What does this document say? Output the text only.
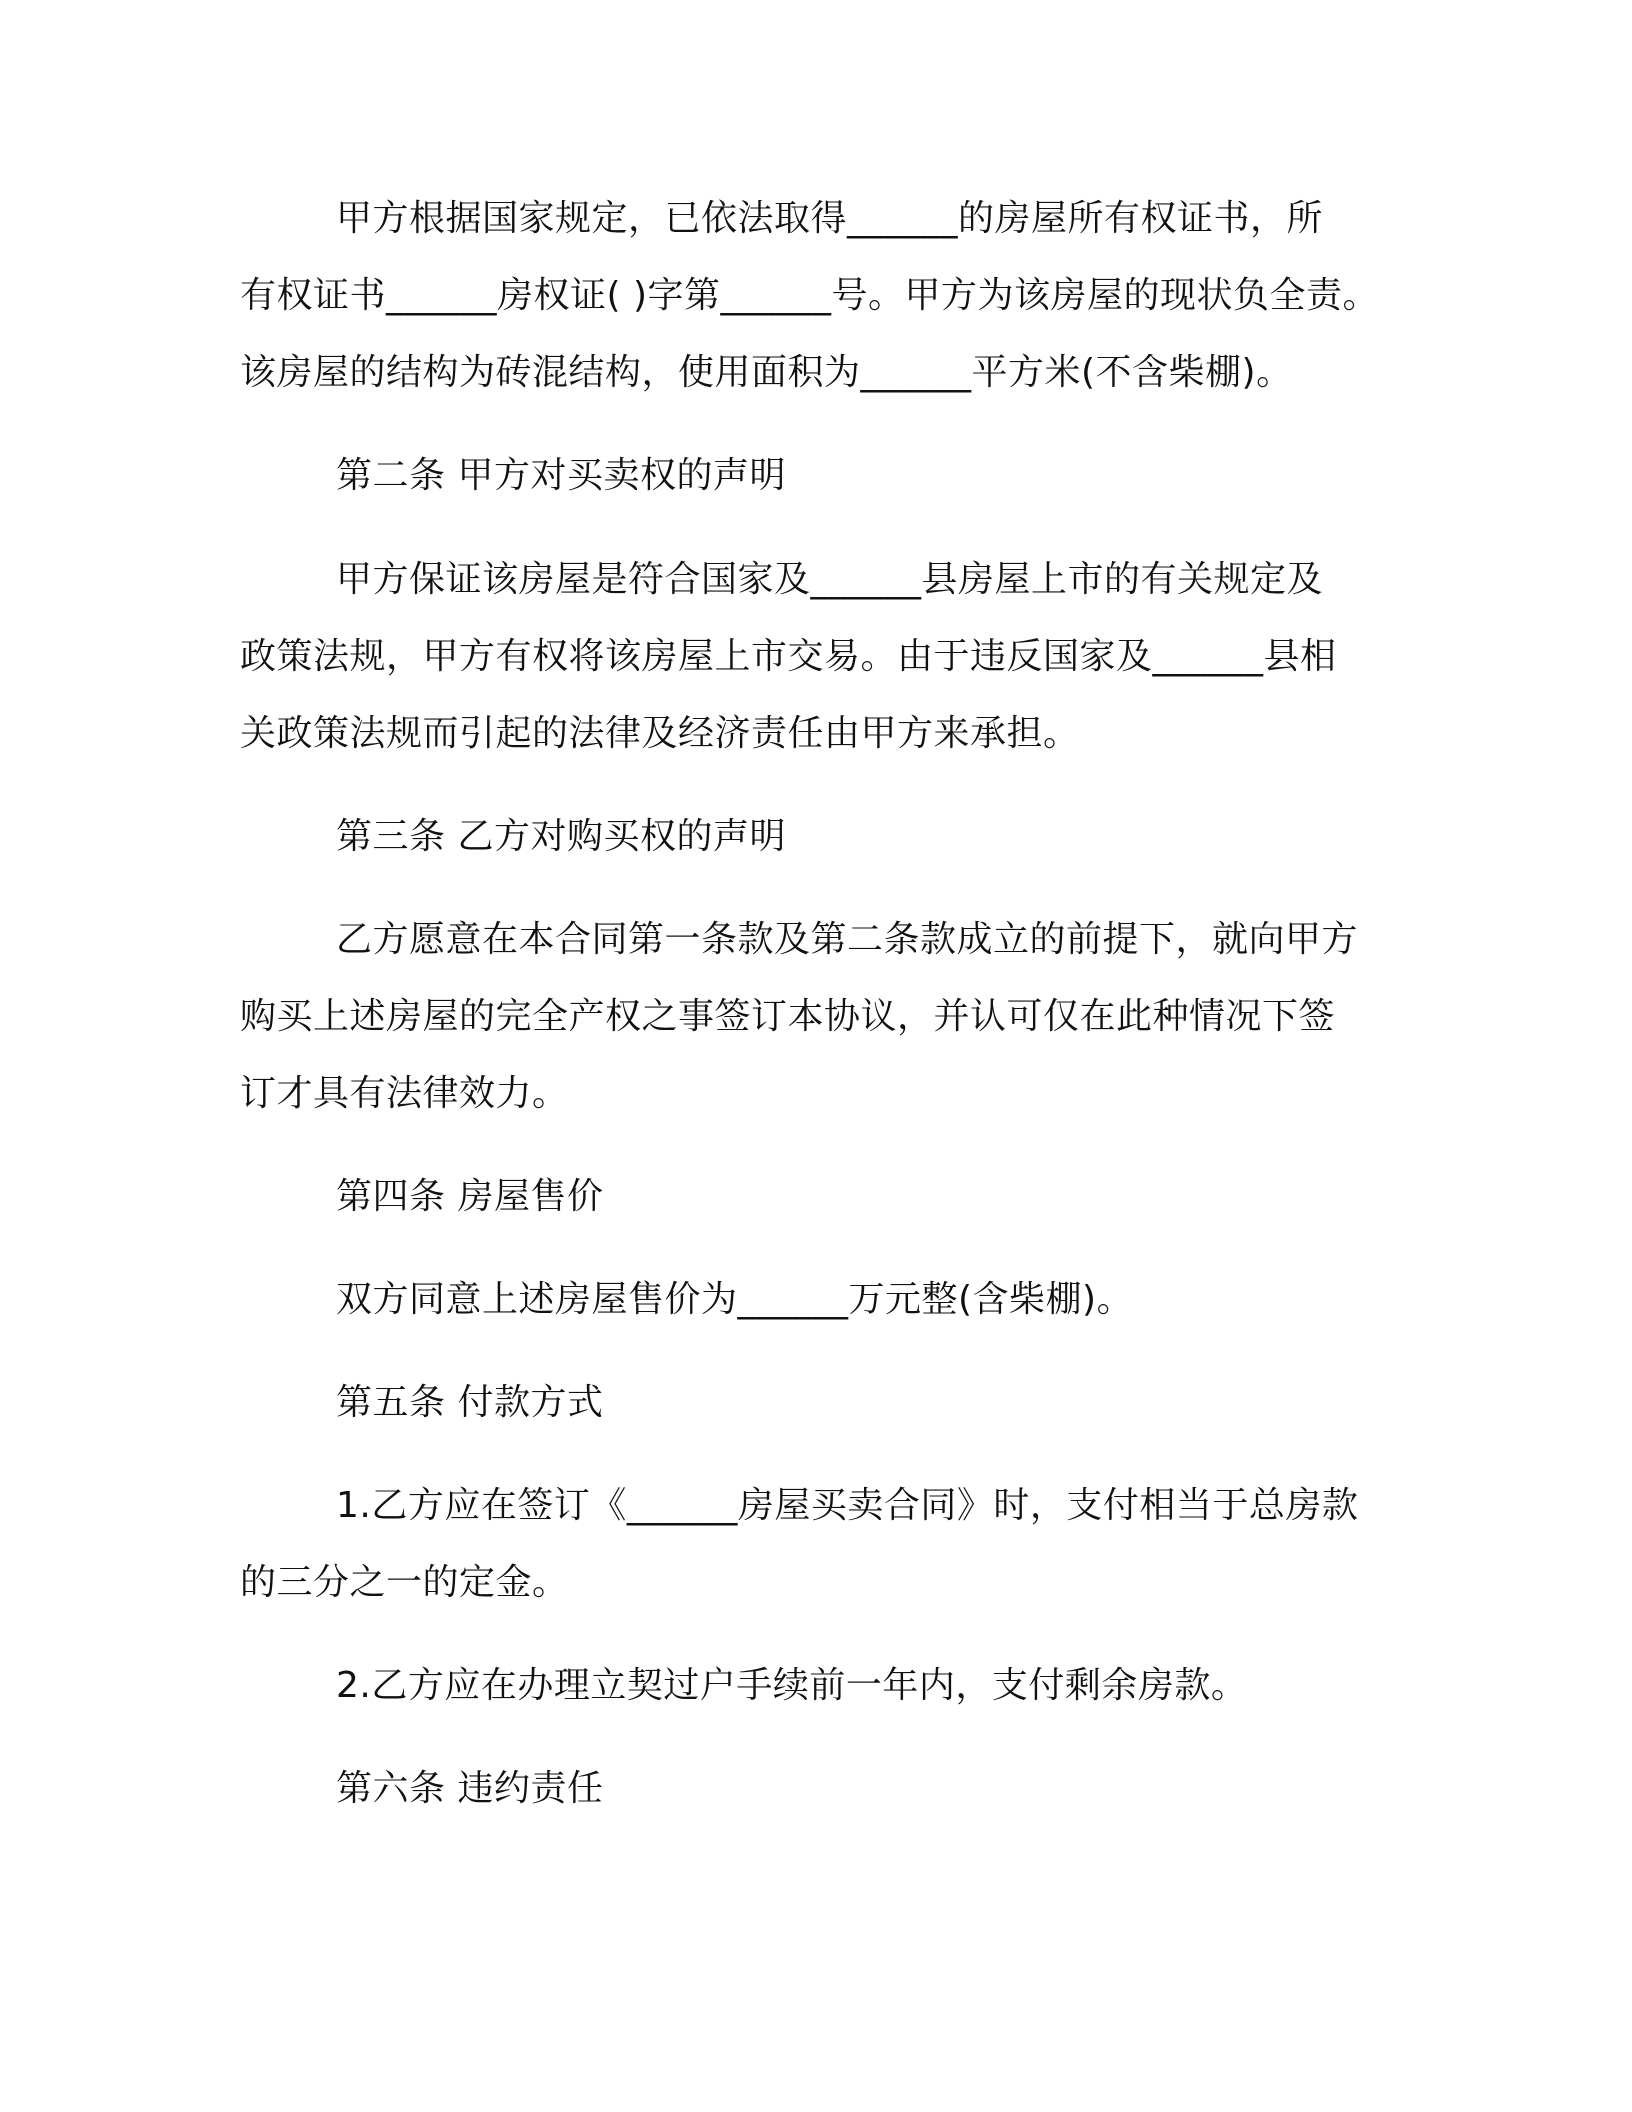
甲方根据国家规定，已依法取得______的房屋所有权证书，所

有权证书______房权证( )字第______号。甲方为该房屋的现状负全责。

该房屋的结构为砖混结构，使用面积为______平方米(不含柴棚)。

第二条 甲方对买卖权的声明

甲方保证该房屋是符合国家及______县房屋上市的有关规定及

政策法规，甲方有权将该房屋上市交易。由于违反国家及______县相

关政策法规而引起的法律及经济责任由甲方来承担。

第三条 乙方对购买权的声明

乙方愿意在本合同第一条款及第二条款成立的前提下，就向甲方

购买上述房屋的完全产权之事签订本协议，并认可仅在此种情况下签

订才具有法律效力。

第四条 房屋售价

双方同意上述房屋售价为______万元整(含柴棚)。

第五条 付款方式

1.乙方应在签订《______房屋买卖合同》时，支付相当于总房款

的三分之一的定金。

2.乙方应在办理立契过户手续前一年内，支付剩余房款。

第六条 违约责任
